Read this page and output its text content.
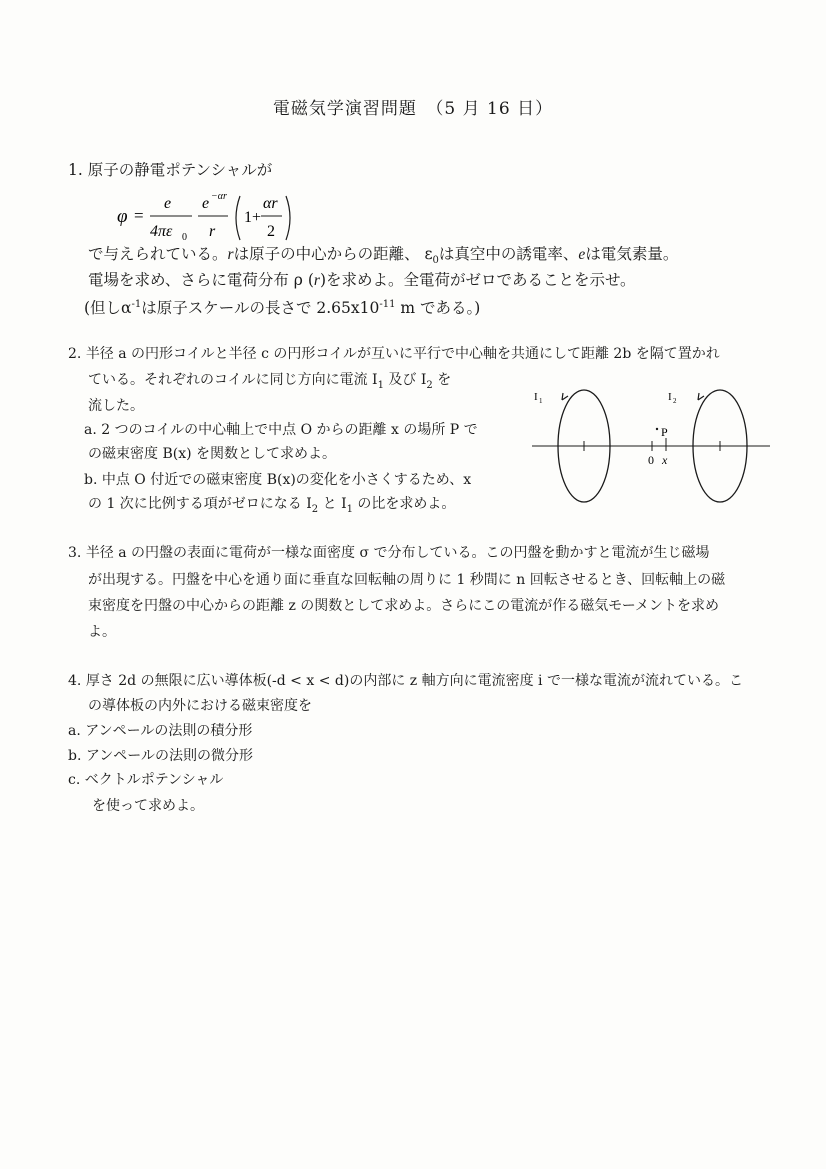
電磁気学演習問題　（5 月 16 日）
1. 原子の静電ポテンシャルが
φ =
e
4πε 0
e −αr
r
1+
αr
2
で与えられている。rは原子の中心からの距離、 $\varepsilon_0$は真空中の誘電率、eは電気素量。
電場を求め、さらに電荷分布 ρ (r)を求めよ。全電荷がゼロであることを示せ。
(但し$\alpha^{-1}$は原子スケールの長さで $2.65x10^{-11}$ m である。)
2. 半径 a の円形コイルと半径 c の円形コイルが互いに平行で中心軸を共通にして距離 2b を隔て置かれ
ている。それぞれのコイルに同じ方向に電流 $I_1$ 及び $I_2$ を
流した。
a. 2 つのコイルの中心軸上で中点 O からの距離 x の場所 P で
の磁束密度 B(x) を関数として求めよ。
b. 中点 O 付近での磁束密度 B(x)の変化を小さくするため、x
の 1 次に比例する項がゼロになる $I_2$ と $I_1$ の比を求めよ。
I 1	I 2
P
0 x
3. 半径 a の円盤の表面に電荷が一様な面密度 σ で分布している。この円盤を動かすと電流が生じ磁場
が出現する。円盤を中心を通り面に垂直な回転軸の周りに 1 秒間に n 回転させるとき、回転軸上の磁
束密度を円盤の中心からの距離 z の関数として求めよ。さらにこの電流が作る磁気モーメントを求め
よ。
4. 厚さ 2d の無限に広い導体板(-d < x < d)の内部に z 軸方向に電流密度 i で一様な電流が流れている。こ
の導体板の内外における磁束密度を
a. アンペールの法則の積分形
b. アンペールの法則の微分形
c. ベクトルポテンシャル
を使って求めよ。
